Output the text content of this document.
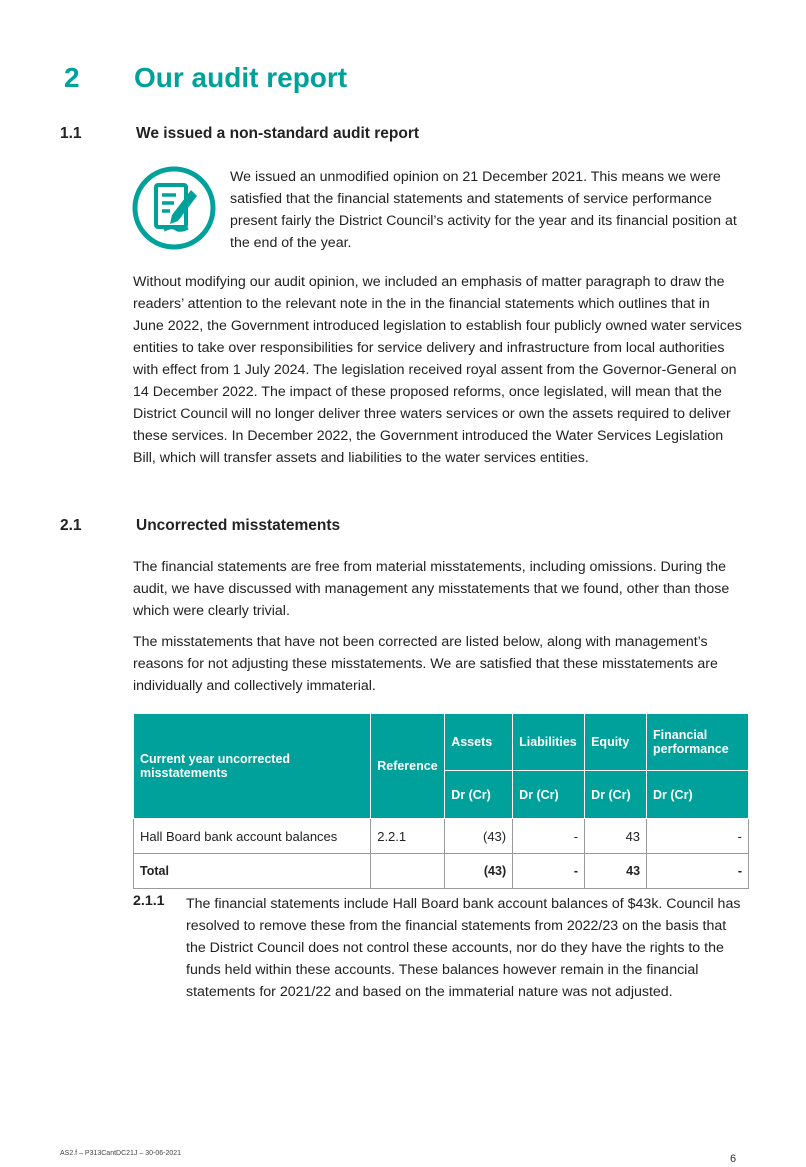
2 Our audit report
1.1	We issued a non-standard audit report

We issued an unmodified opinion on 21 December 2021. This means we were satisfied that the financial statements and statements of service performance present fairly the District Council’s activity for the year and its financial position at the end of the year.

Without modifying our audit opinion, we included an emphasis of matter paragraph to draw the readers’ attention to the relevant note in the in the financial statements which outlines that in June 2022, the Government introduced legislation to establish four publicly owned water services entities to take over responsibilities for service delivery and infrastructure from local authorities with effect from 1 July 2024. The legislation received royal assent from the Governor-General on 14 December 2022. The impact of these proposed reforms, once legislated, will mean that the District Council will no longer deliver three waters services or own the assets required to deliver these services. In December 2022, the Government introduced the Water Services Legislation Bill, which will transfer assets and liabilities to the water services entities.

2.1	Uncorrected misstatements

The financial statements are free from material misstatements, including omissions. During the audit, we have discussed with management any misstatements that we found, other than those which were clearly trivial.

The misstatements that have not been corrected are listed below, along with management’s reasons for not adjusting these misstatements. We are satisfied that these misstatements are individually and collectively immaterial.

Current year uncorrected misstatements	Reference	Assets	Liabilities	Equity	Financial performance
		Dr (Cr)	Dr (Cr)	Dr (Cr)	Dr (Cr)
Hall Board bank account balances	2.2.1	(43)	-	43	-
Total		(43)	-	43	-
2.1.1 The financial statements include Hall Board bank account balances of $43k. Council has resolved to remove these from the financial statements from 2022/23 on the basis that the District Council does not control these accounts, nor do they have the rights to the funds held within these accounts. These balances however remain in the financial statements for 2021/22 and based on the immaterial nature was not adjusted.

AS2.f – P313CantDC21J – 30-06-2021	6
